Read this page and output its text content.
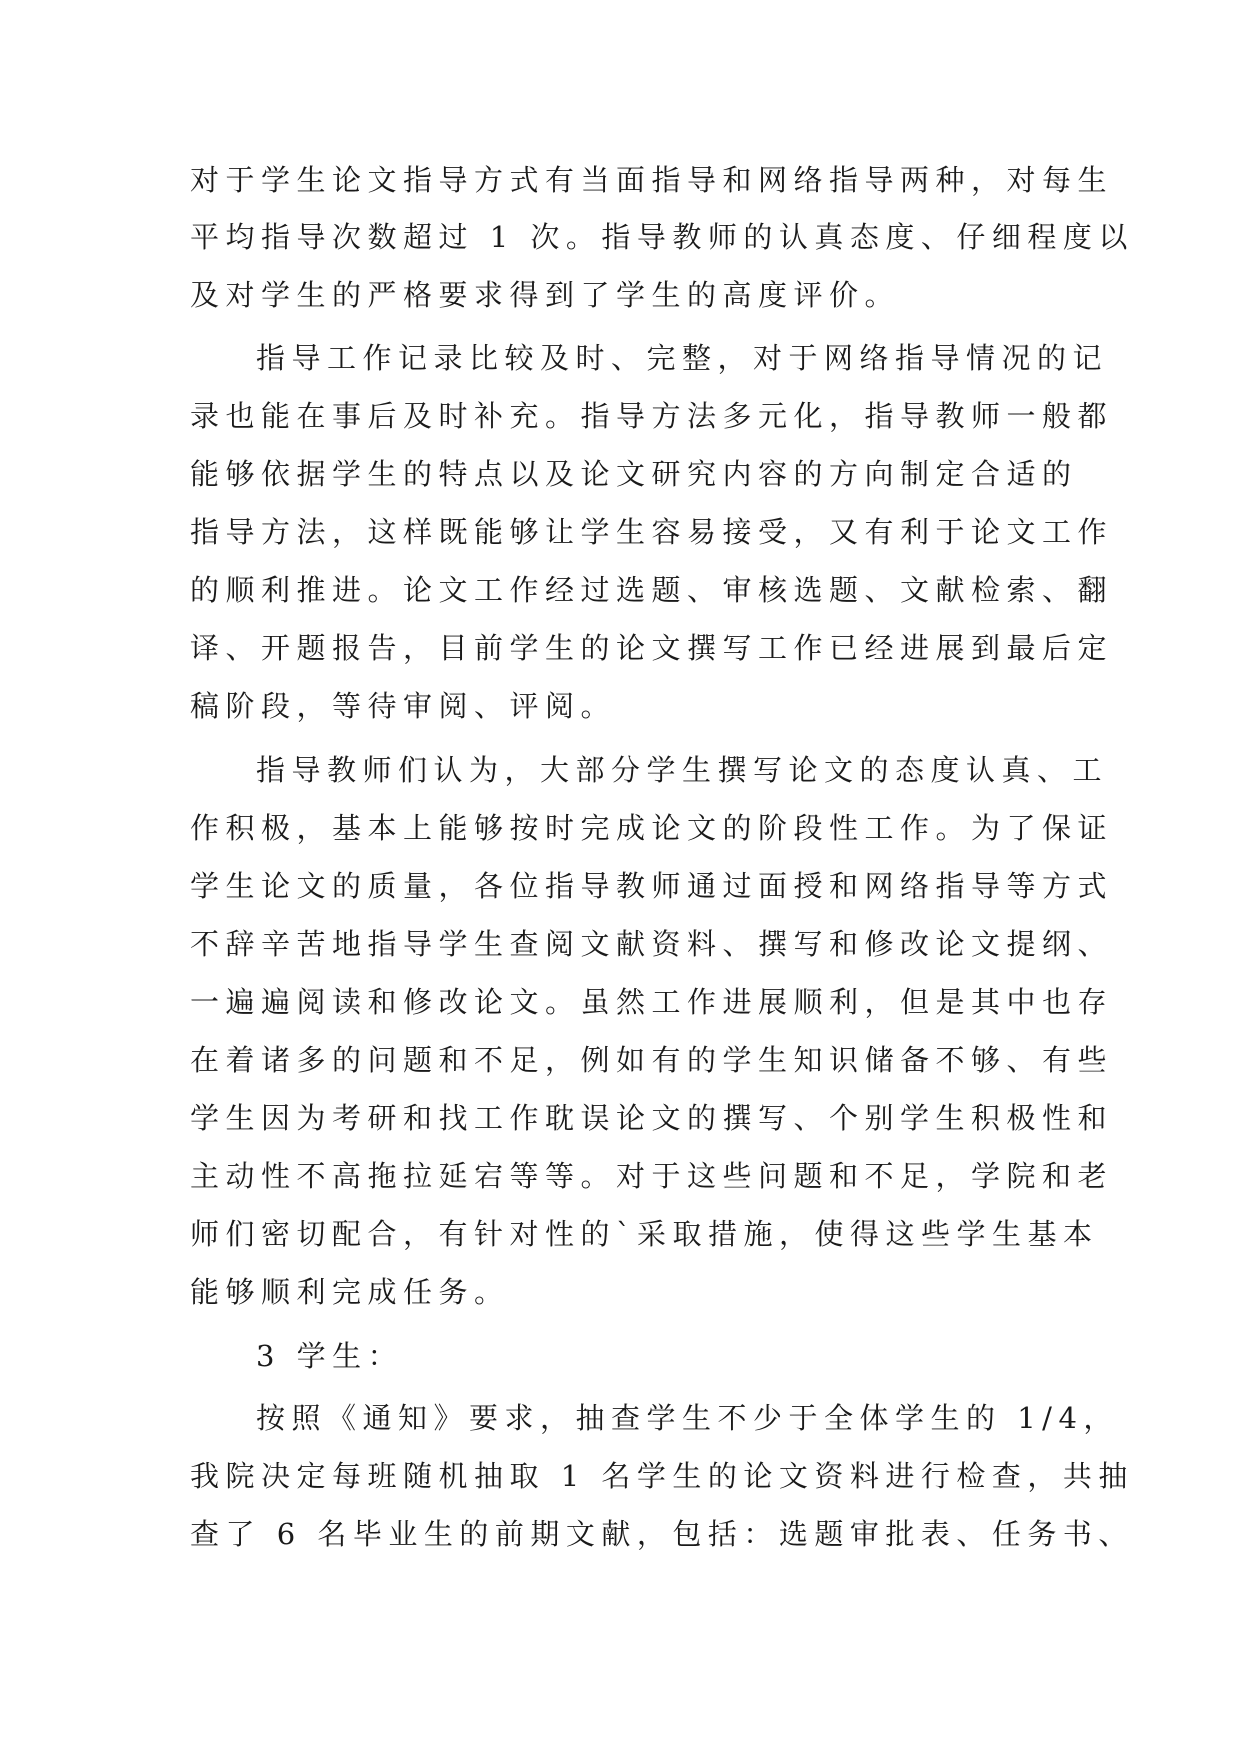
对于学生论文指导方式有当面指导和网络指导两种，对每生
平均指导次数超过 1 次。指导教师的认真态度、仔细程度以
及对学生的严格要求得到了学生的高度评价。
指导工作记录比较及时、完整，对于网络指导情况的记
录也能在事后及时补充。指导方法多元化，指导教师一般都
能够依据学生的特点以及论文研究内容的方向制定合适的
指导方法，这样既能够让学生容易接受，又有利于论文工作
的顺利推进。论文工作经过选题、审核选题、文献检索、翻
译、开题报告，目前学生的论文撰写工作已经进展到最后定
稿阶段，等待审阅、评阅。
指导教师们认为，大部分学生撰写论文的态度认真、工
作积极，基本上能够按时完成论文的阶段性工作。为了保证
学生论文的质量，各位指导教师通过面授和网络指导等方式
不辞辛苦地指导学生查阅文献资料、撰写和修改论文提纲、
一遍遍阅读和修改论文。虽然工作进展顺利，但是其中也存
在着诸多的问题和不足，例如有的学生知识储备不够、有些
学生因为考研和找工作耽误论文的撰写、个别学生积极性和
主动性不高拖拉延宕等等。对于这些问题和不足，学院和老
师们密切配合，有针对性的`采取措施，使得这些学生基本
能够顺利完成任务。
3 学生：
按照《通知》要求，抽查学生不少于全体学生的 1/4，
我院决定每班随机抽取 1 名学生的论文资料进行检查，共抽
查了 6 名毕业生的前期文献，包括：选题审批表、任务书、
